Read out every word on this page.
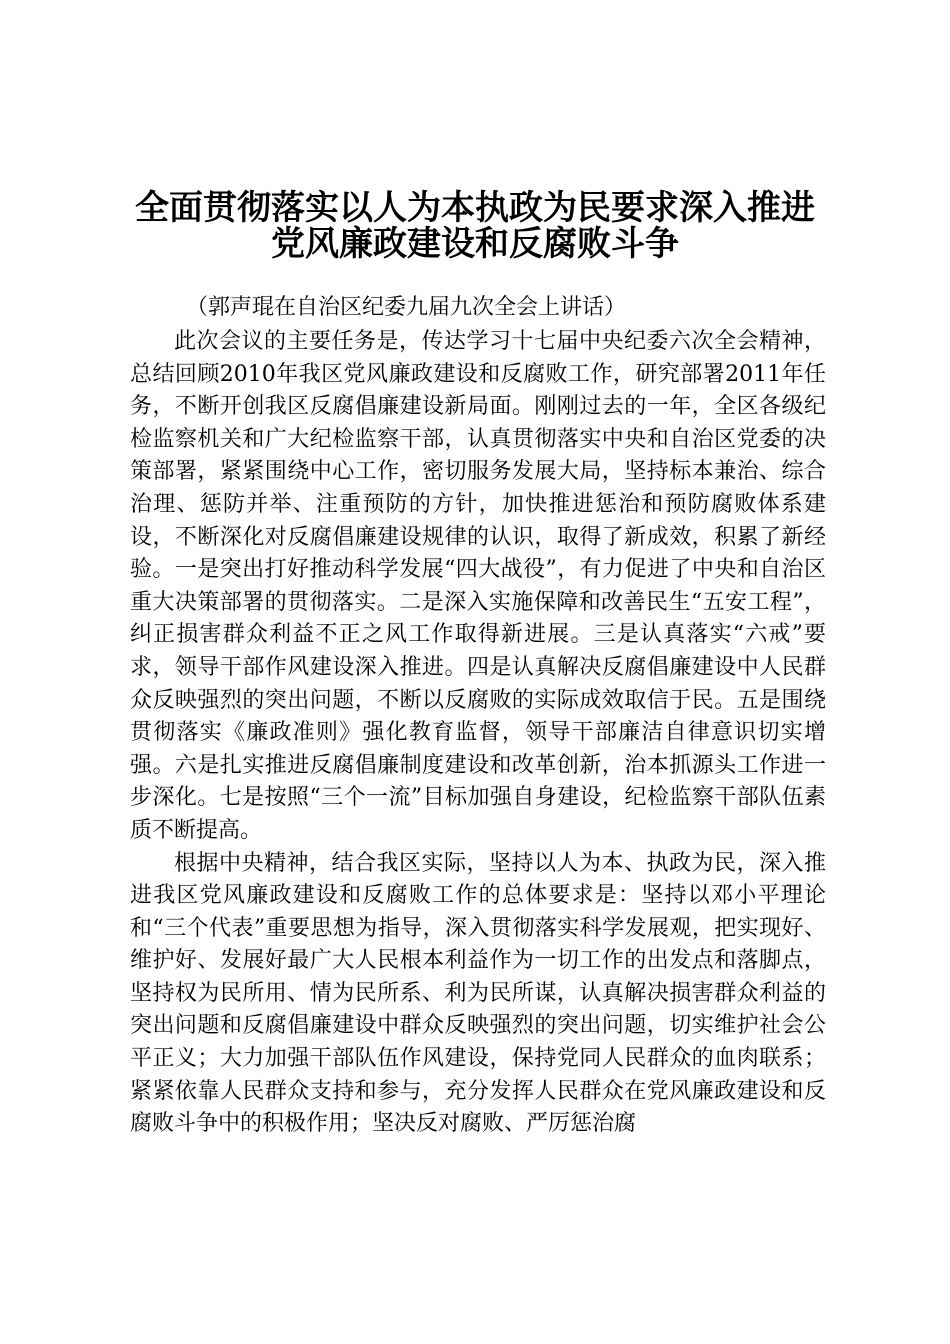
全面贯彻落实以人为本执政为民要求深入推进
党风廉政建设和反腐败斗争
（郭声琨在自治区纪委九届九次全会上讲话）

此次会议的主要任务是，传达学习十七届中央纪委六次全会精神，总结回顾2010年我区党风廉政建设和反腐败工作，研究部署2011年任务，不断开创我区反腐倡廉建设新局面。刚刚过去的一年，全区各级纪检监察机关和广大纪检监察干部，认真贯彻落实中央和自治区党委的决策部署，紧紧围绕中心工作，密切服务发展大局，坚持标本兼治、综合治理、惩防并举、注重预防的方针，加快推进惩治和预防腐败体系建设，不断深化对反腐倡廉建设规律的认识，取得了新成效，积累了新经验。一是突出打好推动科学发展“四大战役”，有力促进了中央和自治区重大决策部署的贯彻落实。二是深入实施保障和改善民生“五安工程”，纠正损害群众利益不正之风工作取得新进展。三是认真落实“六戒”要求，领导干部作风建设深入推进。四是认真解决反腐倡廉建设中人民群众反映强烈的突出问题，不断以反腐败的实际成效取信于民。五是围绕贯彻落实《廉政准则》强化教育监督，领导干部廉洁自律意识切实增强。六是扎实推进反腐倡廉制度建设和改革创新，治本抓源头工作进一步深化。七是按照“三个一流”目标加强自身建设，纪检监察干部队伍素质不断提高。

根据中央精神，结合我区实际，坚持以人为本、执政为民，深入推进我区党风廉政建设和反腐败工作的总体要求是：坚持以邓小平理论和“三个代表”重要思想为指导，深入贯彻落实科学发展观，把实现好、维护好、发展好最广大人民根本利益作为一切工作的出发点和落脚点，坚持权为民所用、情为民所系、利为民所谋，认真解决损害群众利益的突出问题和反腐倡廉建设中群众反映强烈的突出问题，切实维护社会公平正义；大力加强干部队伍作风建设，保持党同人民群众的血肉联系；紧紧依靠人民群众支持和参与，充分发挥人民群众在党风廉政建设和反腐败斗争中的积极作用；坚决反对腐败、严厉惩治腐
